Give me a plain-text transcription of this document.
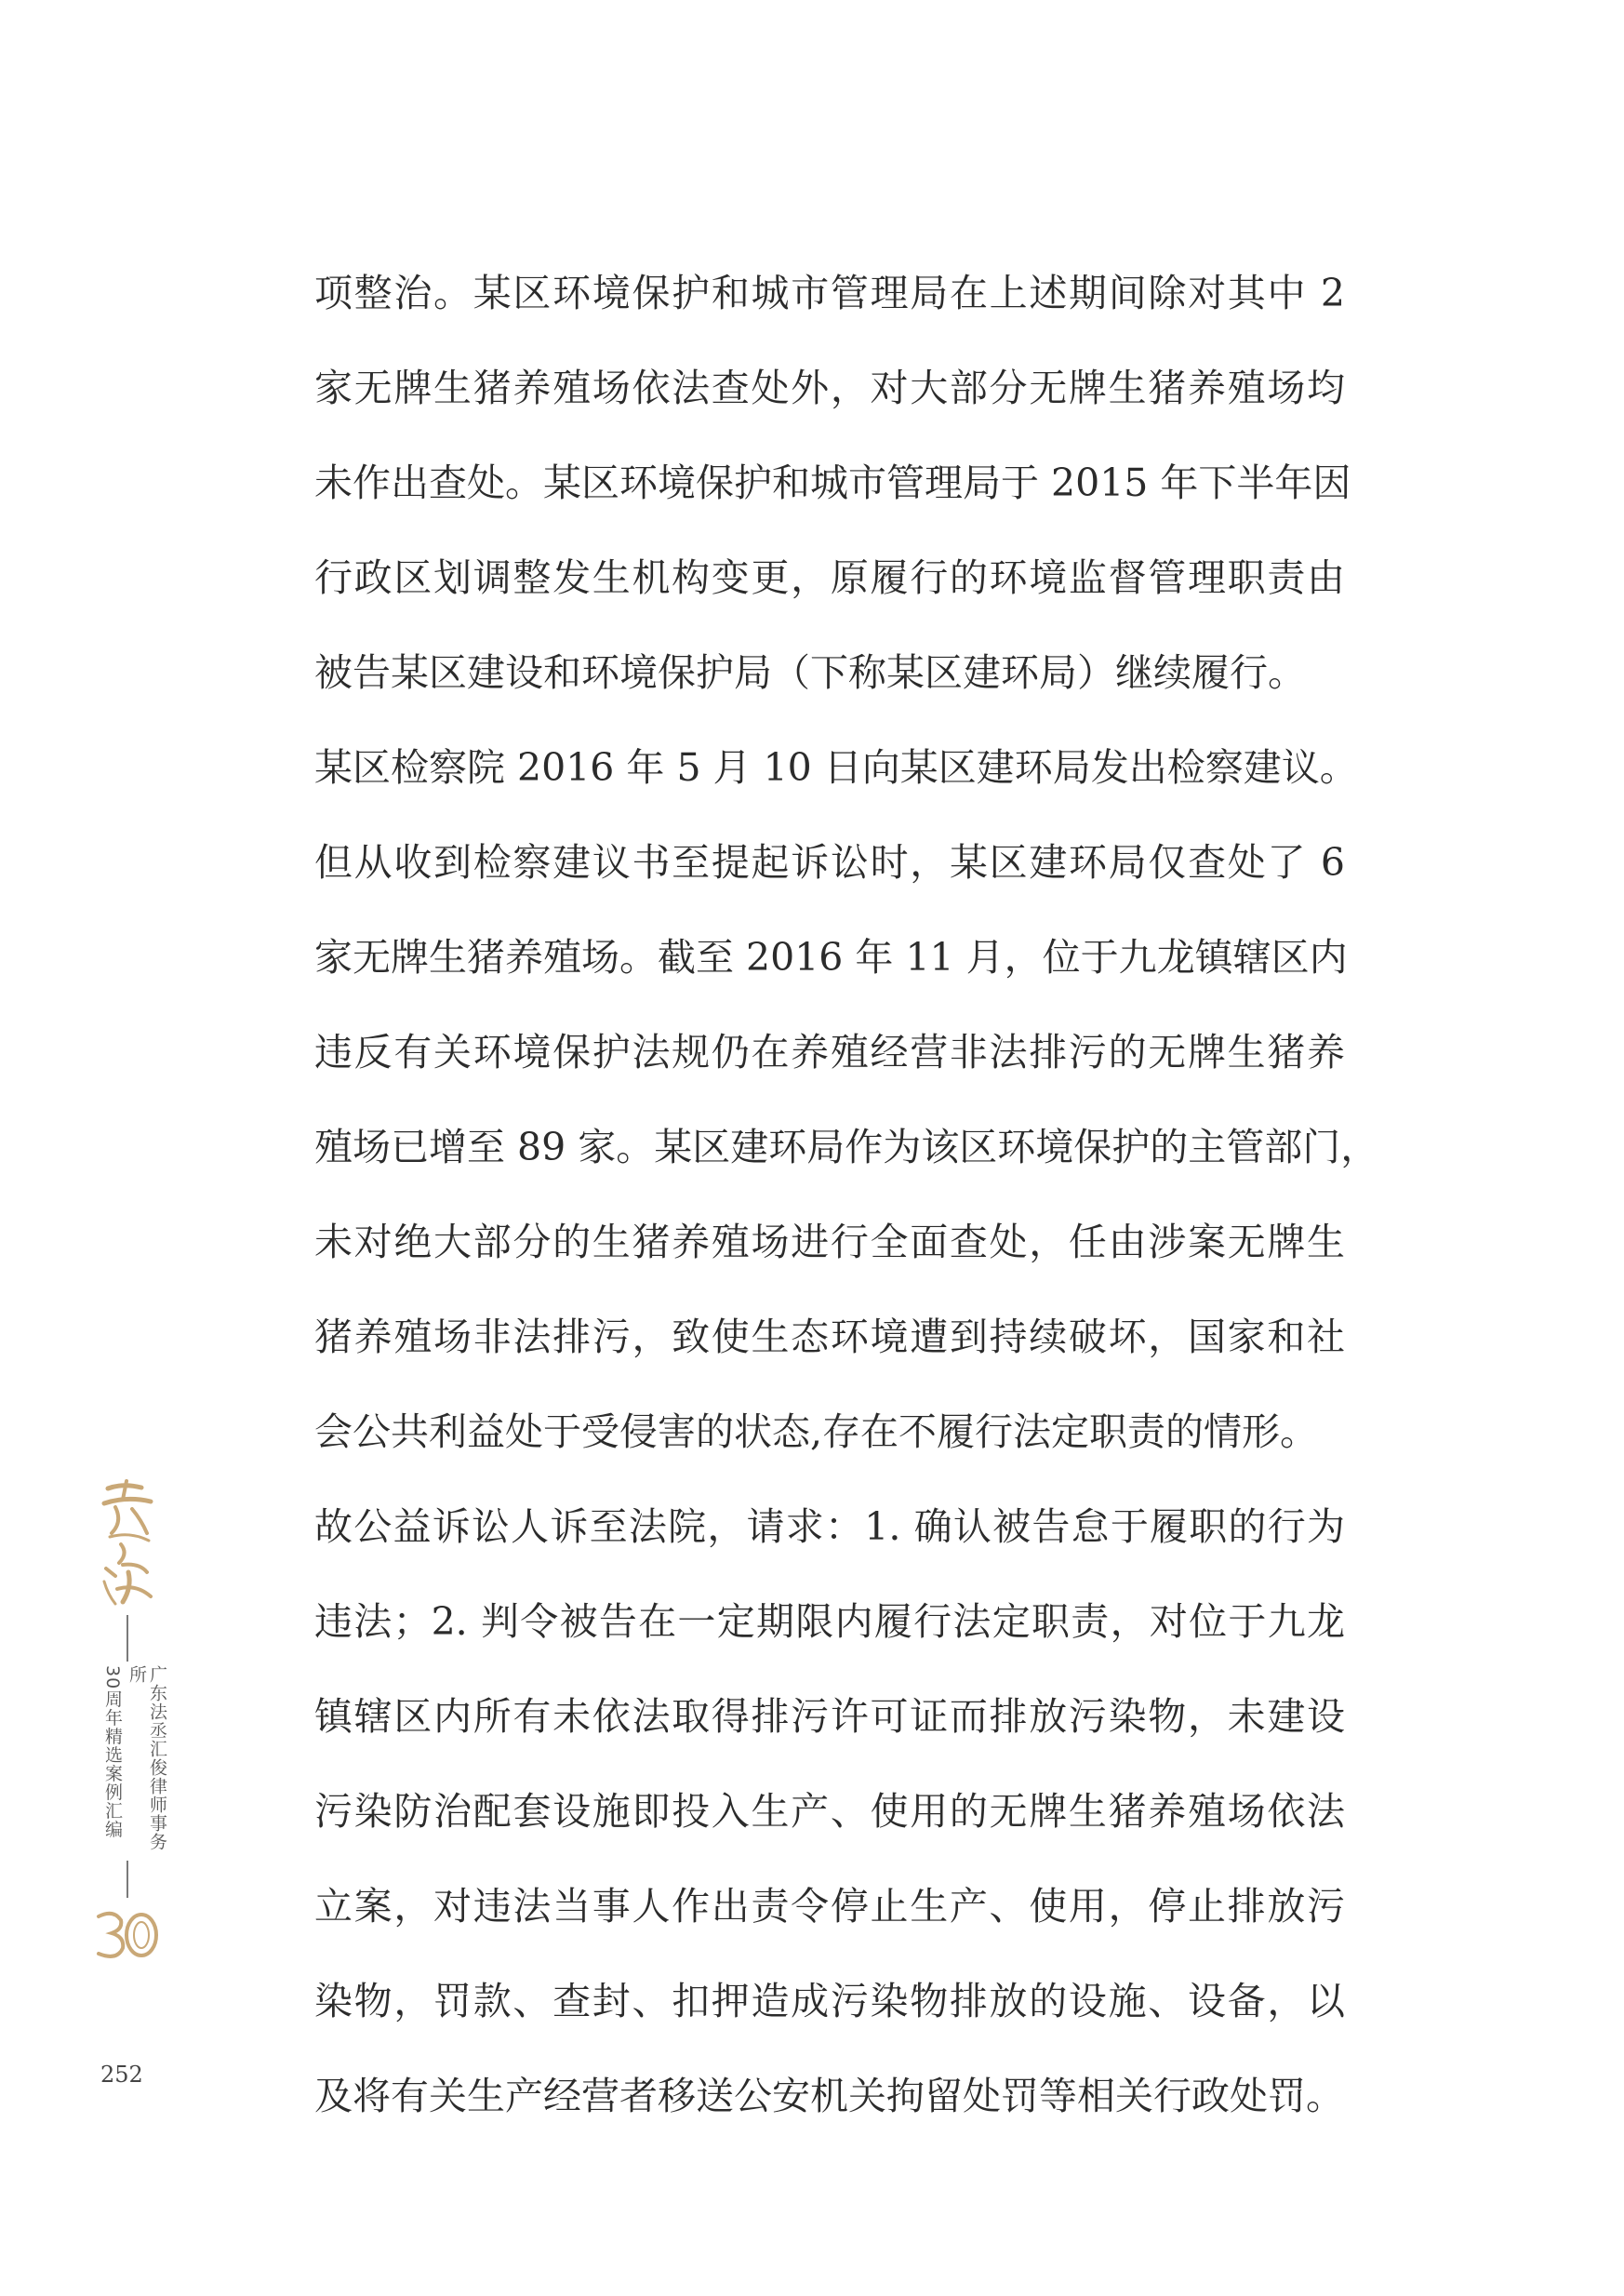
项整治。某区环境保护和城市管理局在上述期间除对其中 2
家无牌生猪养殖场依法查处外，对大部分无牌生猪养殖场均
未作出查处。某区环境保护和城市管理局于 2015 年下半年因
行政区划调整发生机构变更，原履行的环境监督管理职责由
被告某区建设和环境保护局（下称某区建环局）继续履行。
某区检察院 2016 年 5 月 10 日向某区建环局发出检察建议。
但从收到检察建议书至提起诉讼时，某区建环局仅查处了 6
家无牌生猪养殖场。截至 2016 年 11 月，位于九龙镇辖区内
违反有关环境保护法规仍在养殖经营非法排污的无牌生猪养
殖场已增至 89 家。某区建环局作为该区环境保护的主管部门，
未对绝大部分的生猪养殖场进行全面查处，任由涉案无牌生
猪养殖场非法排污，致使生态环境遭到持续破坏，国家和社
会公共利益处于受侵害的状态,存在不履行法定职责的情形。
故公益诉讼人诉至法院，请求：1. 确认被告怠于履职的行为
违法；2. 判令被告在一定期限内履行法定职责，对位于九龙
镇辖区内所有未依法取得排污许可证而排放污染物，未建设
污染防治配套设施即投入生产、使用的无牌生猪养殖场依法
立案，对违法当事人作出责令停止生产、使用，停止排放污
染物，罚款、查封、扣押造成污染物排放的设施、设备，以
及将有关生产经营者移送公安机关拘留处罚等相关行政处罚。
广东法丞汇俊律师事务所
30周年精选案例汇编
252
